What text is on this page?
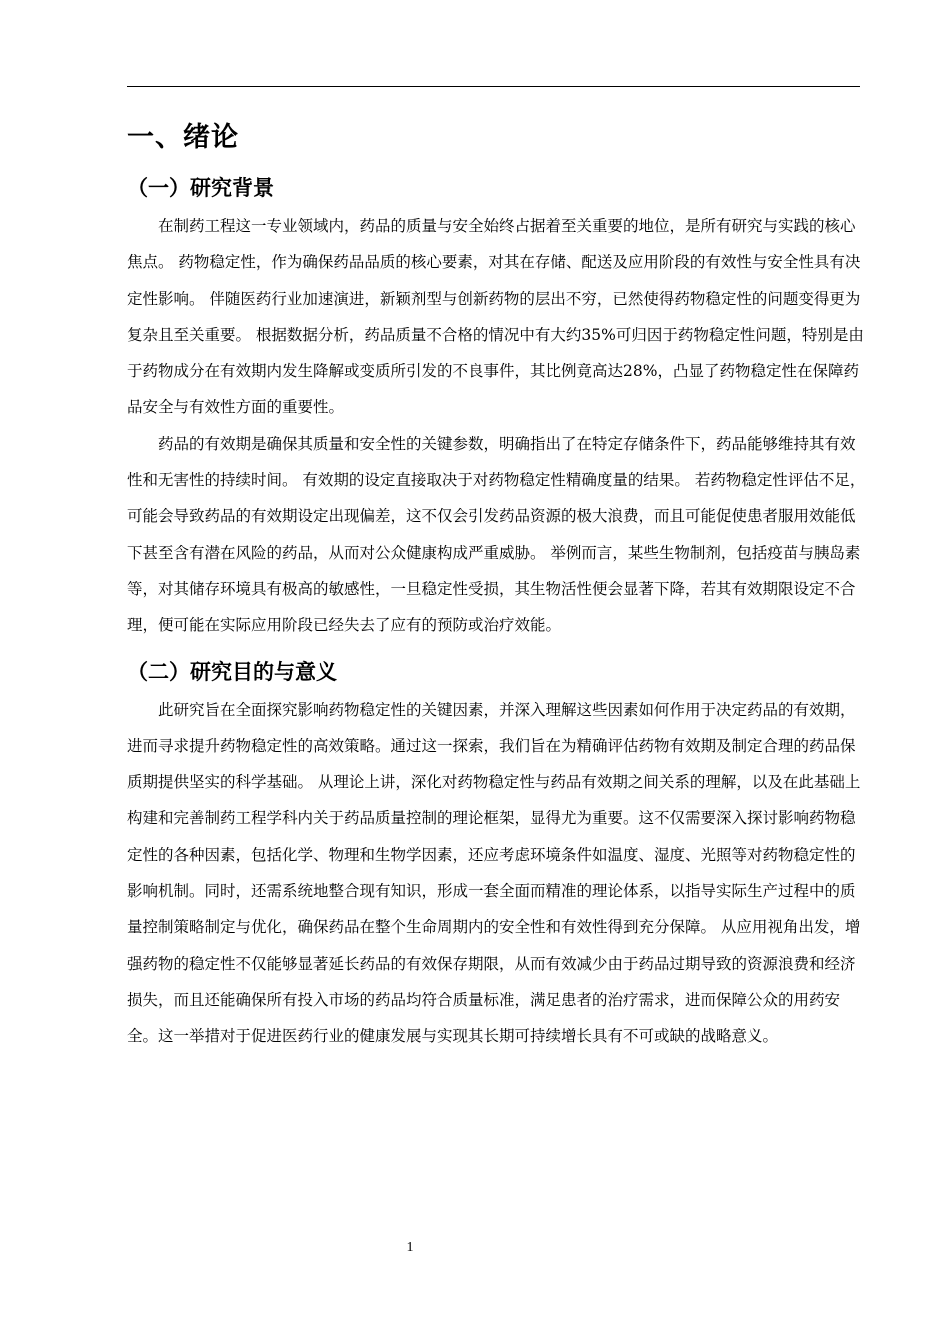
一、绪论
（一）研究背景

在制药工程这一专业领域内，药品的质量与安全始终占据着至关重要的地位，是所有研究与实践的核心焦点。 药物稳定性，作为确保药品品质的核心要素，对其在存储、配送及应用阶段的有效性与安全性具有决定性影响。 伴随医药行业加速演进，新颖剂型与创新药物的层出不穷，已然使得药物稳定性的问题变得更为复杂且至关重要。 根据数据分析，药品质量不合格的情况中有大约35%可归因于药物稳定性问题，特别是由于药物成分在有效期内发生降解或变质所引发的不良事件，其比例竟高达28%，凸显了药物稳定性在保障药品安全与有效性方面的重要性。

药品的有效期是确保其质量和安全性的关键参数，明确指出了在特定存储条件下，药品能够维持其有效性和无害性的持续时间。 有效期的设定直接取决于对药物稳定性精确度量的结果。 若药物稳定性评估不足，可能会导致药品的有效期设定出现偏差，这不仅会引发药品资源的极大浪费，而且可能促使患者服用效能低下甚至含有潜在风险的药品，从而对公众健康构成严重威胁。 举例而言，某些生物制剂，包括疫苗与胰岛素等，对其储存环境具有极高的敏感性，一旦稳定性受损，其生物活性便会显著下降，若其有效期限设定不合理，便可能在实际应用阶段已经失去了应有的预防或治疗效能。

（二）研究目的与意义

此研究旨在全面探究影响药物稳定性的关键因素，并深入理解这些因素如何作用于决定药品的有效期，进而寻求提升药物稳定性的高效策略。通过这一探索，我们旨在为精确评估药物有效期及制定合理的药品保质期提供坚实的科学基础。 从理论上讲，深化对药物稳定性与药品有效期之间关系的理解，以及在此基础上构建和完善制药工程学科内关于药品质量控制的理论框架，显得尤为重要。这不仅需要深入探讨影响药物稳定性的各种因素，包括化学、物理和生物学因素，还应考虑环境条件如温度、湿度、光照等对药物稳定性的影响机制。同时，还需系统地整合现有知识，形成一套全面而精准的理论体系，以指导实际生产过程中的质量控制策略制定与优化，确保药品在整个生命周期内的安全性和有效性得到充分保障。 从应用视角出发，增强药物的稳定性不仅能够显著延长药品的有效保存期限，从而有效减少由于药品过期导致的资源浪费和经济损失，而且还能确保所有投入市场的药品均符合质量标准，满足患者的治疗需求，进而保障公众的用药安全。这一举措对于促进医药行业的健康发展与实现其长期可持续增长具有不可或缺的战略意义。

1
